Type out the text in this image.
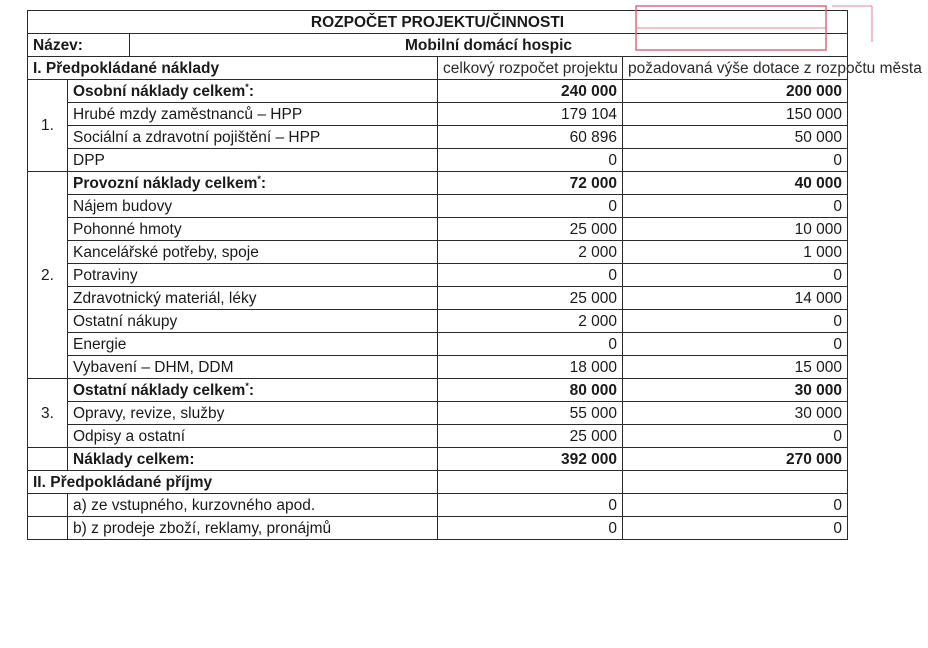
ROZPOČET PROJEKTU/ČINNOSTI				
Název:		Mobilní domácí hospic		
I. Předpokládané náklady			celkový rozpočet projektu	požadovaná výše dotace z rozpočtu města
1.	Osobní náklady celkem*:		240 000	200 000
	Hrubé mzdy zaměstnanců – HPP		179 104	150 000
	Sociální a zdravotní pojištění – HPP		60 896	50 000
	DPP		0	0
2.	Provozní náklady celkem*:		72 000	40 000
	Nájem budovy		0	0
	Pohonné hmoty		25 000	10 000
	Kancelářské potřeby, spoje		2 000	1 000
	Potraviny		0	0
	Zdravotnický materiál, léky		25 000	14 000
	Ostatní nákupy		2 000	0
	Energie		0	0
	Vybavení – DHM, DDM		18 000	15 000
3.	Ostatní náklady celkem*:		80 000	30 000
	Opravy, revize, služby		55 000	30 000
	Odpisy a ostatní		25 000	0
	Náklady celkem:		392 000	270 000
II. Předpokládané příjmy				
	a) ze vstupného, kurzovného apod.		0	0
	b) z prodeje zboží, reklamy, pronájmů		0	0
